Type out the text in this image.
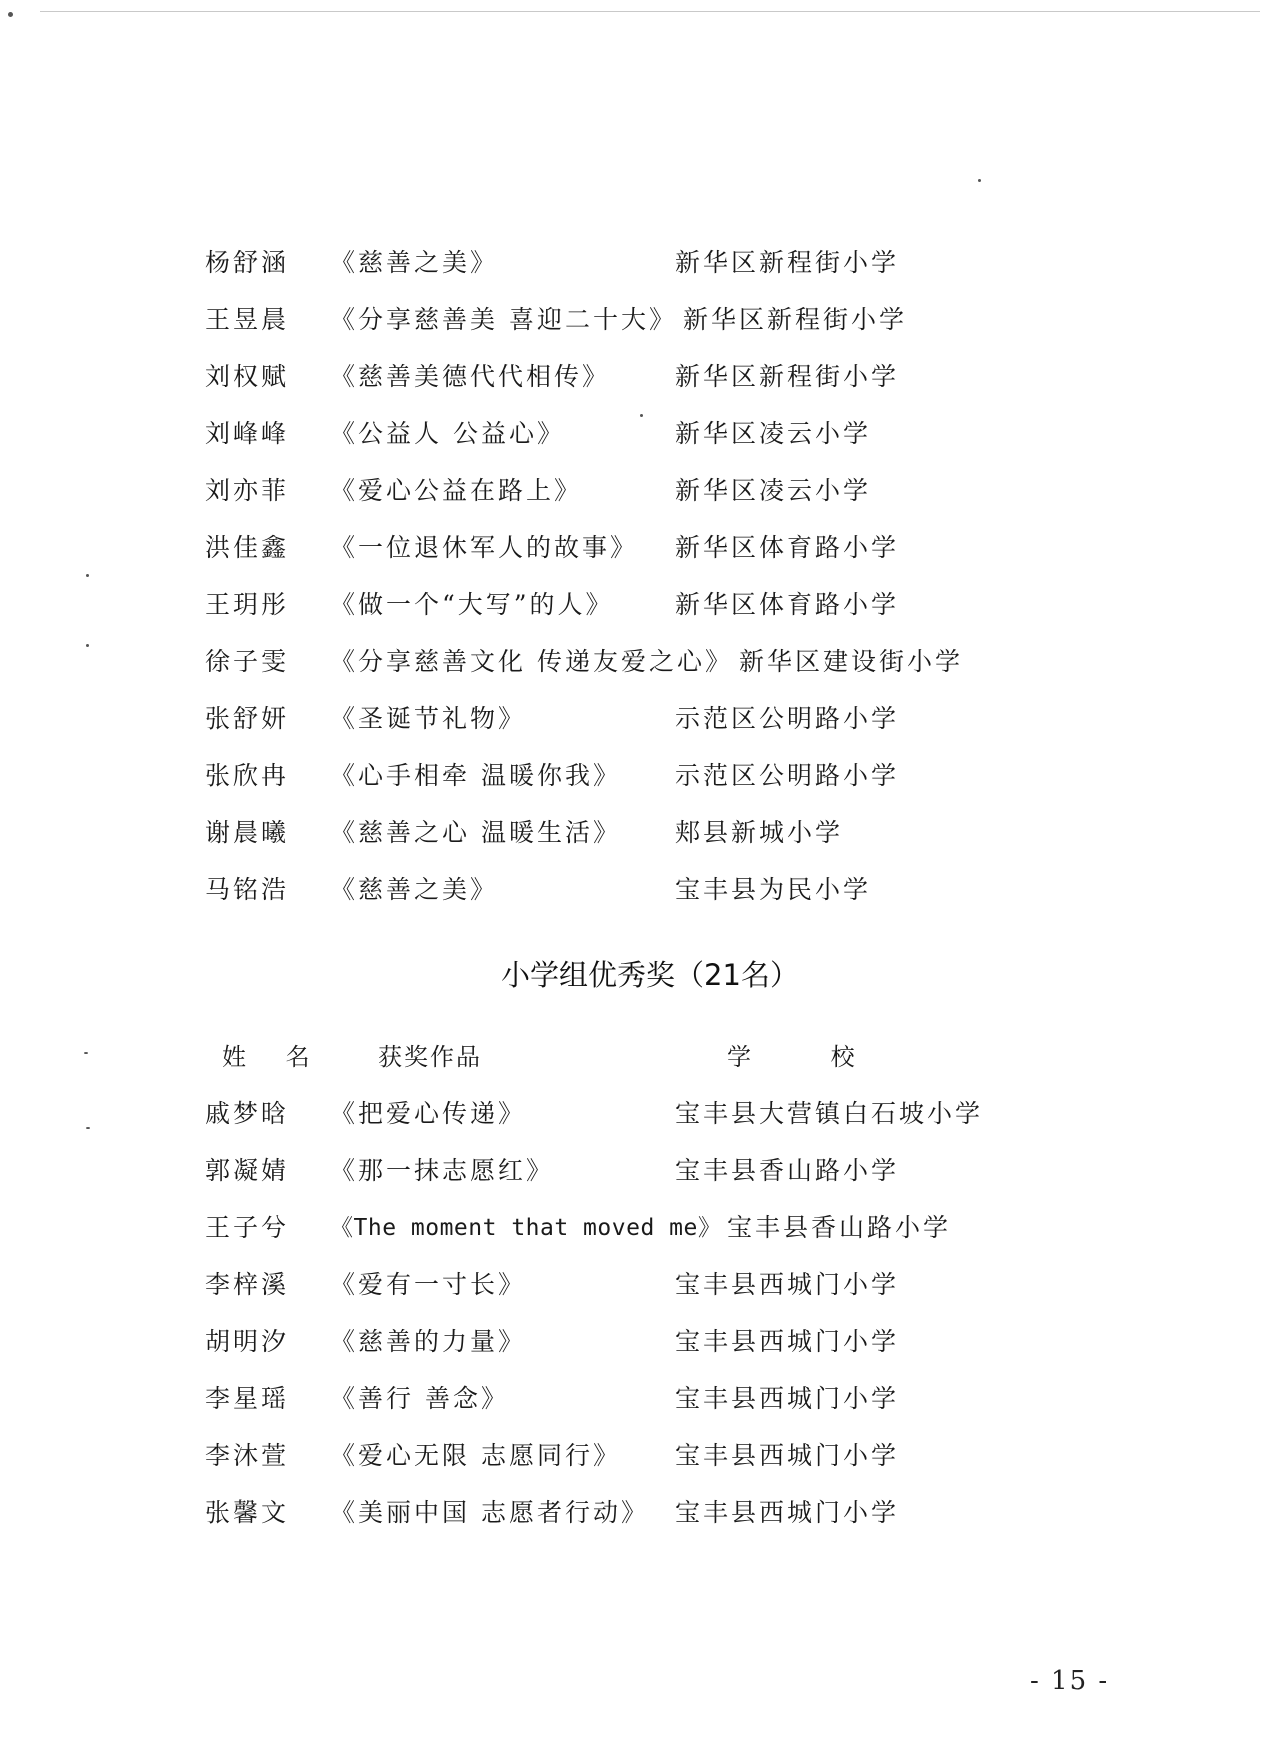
杨舒涵 《慈善之美》	新华区新程街小学
王昱晨 《分享慈善美 喜迎二十大》 新华区新程街小学
刘权赋 《慈善美德代代相传》	新华区新程街小学
刘峰峰 《公益人 公益心》	新华区凌云小学
刘亦菲 《爱心公益在路上》	新华区凌云小学
洪佳鑫 《一位退休军人的故事》 新华区体育路小学
王玥彤 《做一个“大写”的人》 新华区体育路小学
徐子雯 《分享慈善文化 传递友爱之心》 新华区建设街小学
张舒妍 《圣诞节礼物》	示范区公明路小学
张欣冉 《心手相牵 温暖你我》 示范区公明路小学
谢晨曦 《慈善之心 温暖生活》 郏县新城小学
马铭浩 《慈善之美》	宝丰县为民小学
小学组优秀奖（21名）
姓 名 获奖作品	学 校
戚梦晗 《把爱心传递》	宝丰县大营镇白石坡小学
郭凝婧 《那一抹志愿红》	宝丰县香山路小学
王子兮 《The moment that moved me》 宝丰县香山路小学
李梓溪 《爱有一寸长》	宝丰县西城门小学
胡明汐 《慈善的力量》	宝丰县西城门小学
李星瑶 《善行 善念》	宝丰县西城门小学
李沐萱 《爱心无限 志愿同行》 宝丰县西城门小学
张馨文 《美丽中国 志愿者行动》 宝丰县西城门小学
- 15 -
